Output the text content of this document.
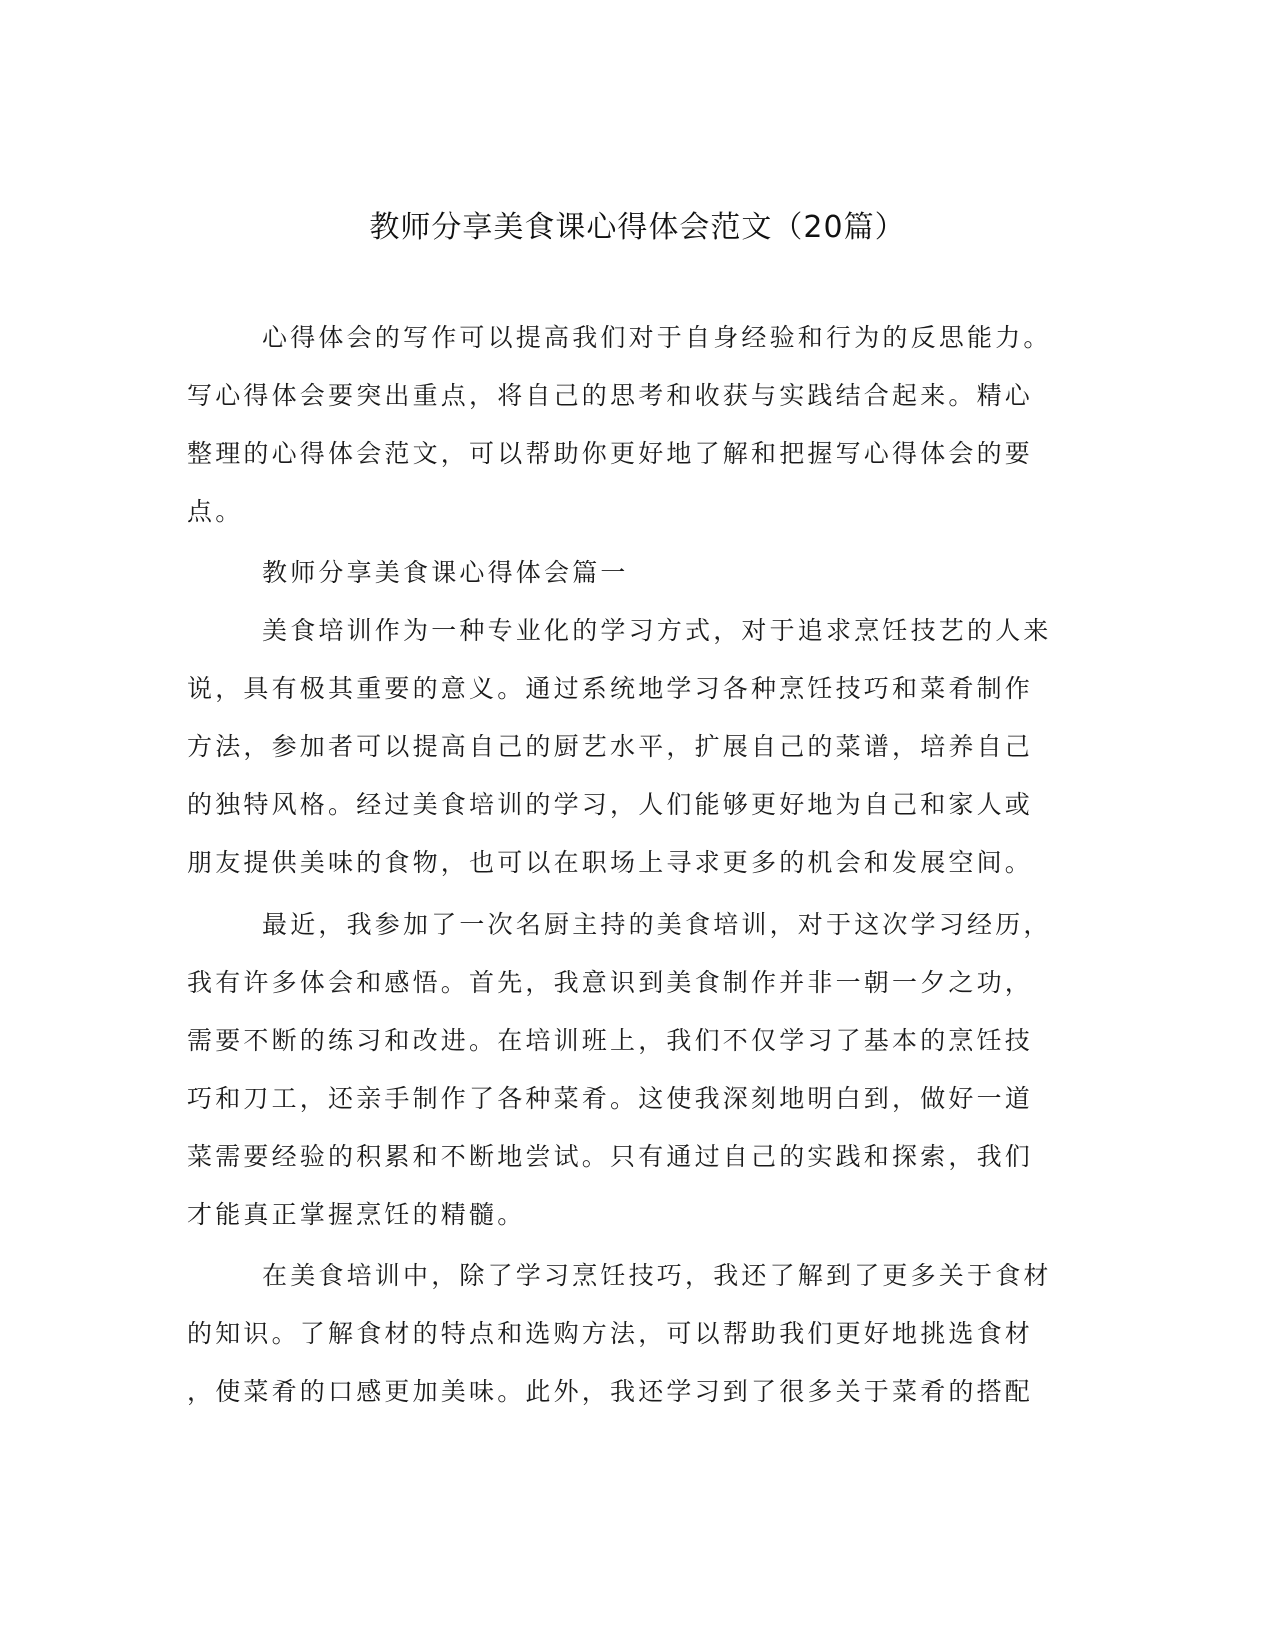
教师分享美食课心得体会范文（20篇）
心得体会的写作可以提高我们对于自身经验和行为的反思能力。
写心得体会要突出重点，将自己的思考和收获与实践结合起来。精心
整理的心得体会范文，可以帮助你更好地了解和把握写心得体会的要
点。
教师分享美食课心得体会篇一
美食培训作为一种专业化的学习方式，对于追求烹饪技艺的人来
说，具有极其重要的意义。通过系统地学习各种烹饪技巧和菜肴制作
方法，参加者可以提高自己的厨艺水平，扩展自己的菜谱，培养自己
的独特风格。经过美食培训的学习，人们能够更好地为自己和家人或
朋友提供美味的食物，也可以在职场上寻求更多的机会和发展空间。
最近，我参加了一次名厨主持的美食培训，对于这次学习经历，
我有许多体会和感悟。首先，我意识到美食制作并非一朝一夕之功，
需要不断的练习和改进。在培训班上，我们不仅学习了基本的烹饪技
巧和刀工，还亲手制作了各种菜肴。这使我深刻地明白到，做好一道
菜需要经验的积累和不断地尝试。只有通过自己的实践和探索，我们
才能真正掌握烹饪的精髓。
在美食培训中，除了学习烹饪技巧，我还了解到了更多关于食材
的知识。了解食材的特点和选购方法，可以帮助我们更好地挑选食材
，使菜肴的口感更加美味。此外，我还学习到了很多关于菜肴的搭配
